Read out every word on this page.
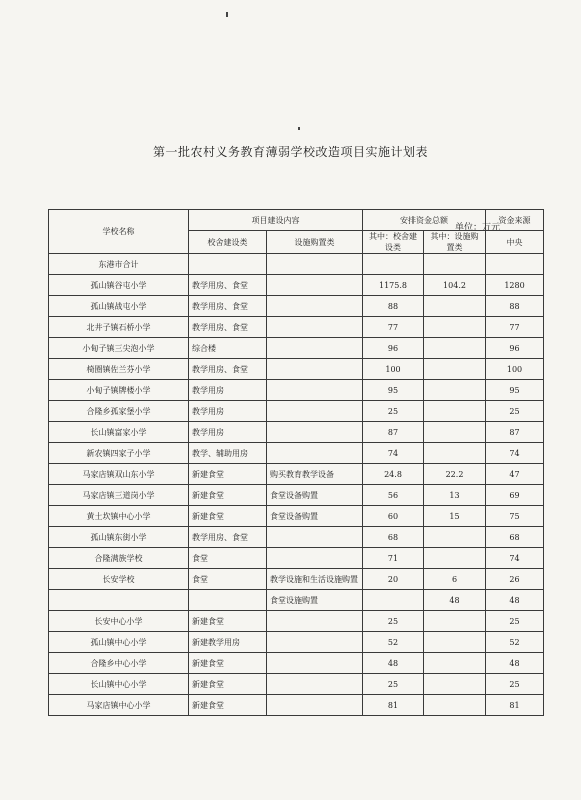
第一批农村义务教育薄弱学校改造项目实施计划表
单位：万元
学校名称	项目建设内容		安排资金总额		资金来源
	校舍建设类	设施购置类	其中：校舍建设类	其中：设施购置类	中央
东港市合计					
孤山镇谷屯小学	教学用房、食堂		1175.8	104.2	1280
孤山镇战屯小学	教学用房、食堂		88		88
北井子镇石桥小学	教学用房、食堂		77		77
小甸子镇三尖泡小学	综合楼		96		96
椅圈镇佐兰芬小学	教学用房、食堂		100		100
小甸子镇牌楼小学	教学用房		95		95
合隆乡孤家堡小学	教学用房		25		25
长山镇富家小学	教学用房		87		87
新农镇四家子小学	教学、辅助用房		74		74
马家店镇双山东小学	新建食堂	购买教育教学设备	24.8	22.2	47
马家店镇三道岗小学	新建食堂	食堂设备购置	56	13	69
黄土坎镇中心小学	新建食堂	食堂设备购置	60	15	75
孤山镇东街小学	教学用房、食堂		68		68
合隆满族学校	食堂		71		74
长安学校	食堂	教学设施和生活设施购置	20	6	26
		食堂设施购置		48	48
长安中心小学	新建食堂		25		25
孤山镇中心小学	新建教学用房		52		52
合隆乡中心小学	新建食堂		48		48
长山镇中心小学	新建食堂		25		25
马家店镇中心小学	新建食堂		81		81
